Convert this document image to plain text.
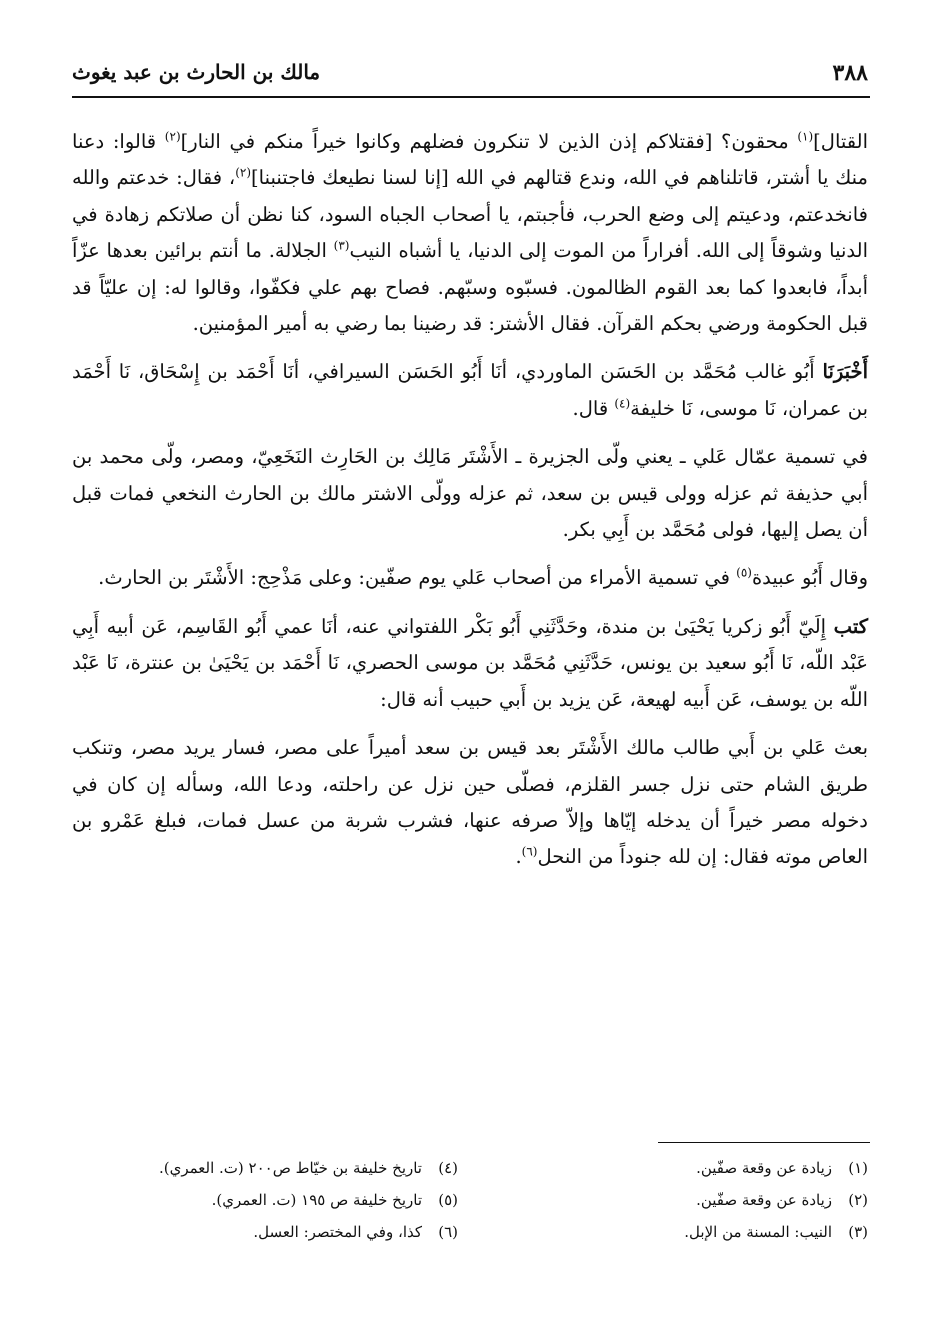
٣٨٨
مالك بن الحارث بن عبد يغوث

القتال]$^{(١)}$ محقون؟ [فقتلاكم إذن الذين لا تنكرون فضلهم وكانوا خيراً منكم في النار]$^{(٢)}$ قالوا: دعنا منك يا أشتر، قاتلناهم في الله، وندع قتالهم في الله [إنا لسنا نطيعك فاجتنبنا]$^{(٢)}$، فقال: خدعتم والله فانخدعتم، ودعيتم إلى وضع الحرب، فأجبتم، يا أصحاب الجباه السود، كنا نظن أن صلاتكم زهادة في الدنيا وشوقاً إلى الله. أفراراً من الموت إلى الدنيا، يا أشباه النيب$^{(٣)}$ الجلالة. ما أنتم برائين بعدها عزّاً أبداً، فابعدوا كما بعد القوم الظالمون. فسبّوه وسبّهم. فصاح بهم علي فكفّوا، وقالوا له: إن عليّاً قد قبل الحكومة ورضي بحكم القرآن. فقال الأشتر: قد رضينا بما رضي به أمير المؤمنين.

أَخْبَرَنَا أَبُو غالب مُحَمَّد بن الحَسَن الماوردي، أنَا أَبُو الحَسَن السيرافي، أنَا أَحْمَد بن إِسْحَاق، نَا أَحْمَد بن عمران، نَا موسى، نَا خليفة$^{(٤)}$ قال.

في تسمية عمّال عَلي ـ يعني ولّى الجزيرة ـ الأَشْتَر مَالِك بن الحَارِث النَخَعِيّ، ومصر، ولّى محمد بن أبي حذيفة ثم عزله وولى قيس بن سعد، ثم عزله وولّى الاشتر مالك بن الحارث النخعي فمات قبل أن يصل إليها، فولى مُحَمَّد بن أَبِي بكر.

وقال أَبُو عبيدة$^{(٥)}$ في تسمية الأمراء من أصحاب عَلي يوم صفّين: وعلى مَذْحِج: الأَشْتَر بن الحارث.

كتب إِلَيّ أَبُو زكريا يَحْيَىٰ بن مندة، وحَدَّثَنِي أَبُو بَكْر اللفتواني عنه، أنَا عمي أَبُو القَاسِم، عَن أبيه أَبِي عَبْد اللّه، نَا أَبُو سعيد بن يونس، حَدَّثَنِي مُحَمَّد بن موسى الحصري، نَا أَحْمَد بن يَحْيَىٰ بن عنترة، نَا عَبْد اللّه بن يوسف، عَن أَبيه لهيعة، عَن يزيد بن أَبي حبيب أنه قال:

بعث عَلي بن أَبي طالب مالك الأَشْتَر بعد قيس بن سعد أميراً على مصر، فسار يريد مصر، وتنكب طريق الشام حتى نزل جسر القلزم، فصلّى حين نزل عن راحلته، ودعا الله، وسأله إن كان في دخوله مصر خيراً أن يدخله إيّاها وإلاّ صرفه عنها، فشرب شربة من عسل فمات، فبلغ عَمْرو بن العاص موته فقال: إن لله جنوداً من النحل$^{(٦)}$.

(١)زيادة عن وقعة صفّين.
(٢)زيادة عن وقعة صفّين.
(٣)النيب: المسنة من الإبل.
(٤)تاريخ خليفة بن خيّاط ص٢٠٠ (ت. العمري).
(٥)تاريخ خليفة ص ١٩٥ (ت. العمري).
(٦)كذا، وفي المختصر: العسل.
